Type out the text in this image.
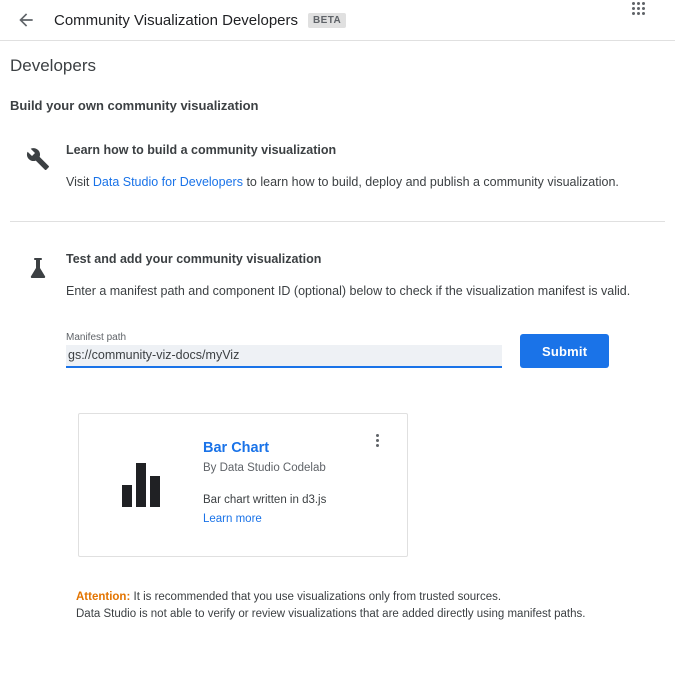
Community Visualization Developers	BETA
Developers
Build your own community visualization
Learn how to build a community visualization

Visit Data Studio for Developers to learn how to build, deploy and publish a community visualization.

Test and add your community visualization

Enter a manifest path and component ID (optional) below to check if the visualization manifest is valid.

Manifest path
gs://community-viz-docs/myViz
Submit
Bar Chart
By Data Studio Codelab
Bar chart written in d3.js
Learn more
Attention: It is recommended that you use visualizations only from trusted sources.
Data Studio is not able to verify or review visualizations that are added directly using manifest paths.
